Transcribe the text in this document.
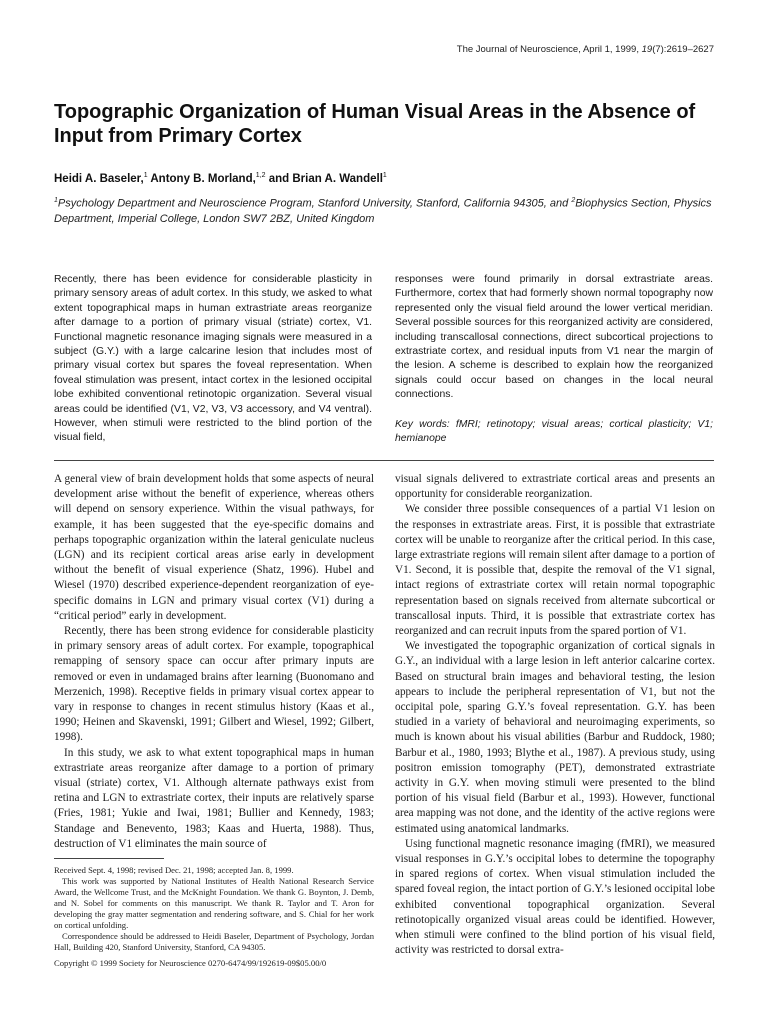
The Journal of Neuroscience, April 1, 1999, 19(7):2619–2627
Topographic Organization of Human Visual Areas in the Absence of Input from Primary Cortex
Heidi A. Baseler,$^1$ Antony B. Morland,$^{1,2}$ and Brian A. Wandell$^1$
$^1$Psychology Department and Neuroscience Program, Stanford University, Stanford, California 94305, and $^2$Biophysics Section, Physics Department, Imperial College, London SW7 2BZ, United Kingdom
Recently, there has been evidence for considerable plasticity in primary sensory areas of adult cortex. In this study, we asked to what extent topographical maps in human extrastriate areas reorganize after damage to a portion of primary visual (striate) cortex, V1. Functional magnetic resonance imaging signals were measured in a subject (G.Y.) with a large calcarine lesion that includes most of primary visual cortex but spares the foveal representation. When foveal stimulation was present, intact cortex in the lesioned occipital lobe exhibited conventional retinotopic organization. Several visual areas could be identified (V1, V2, V3, V3 accessory, and V4 ventral). However, when stimuli were restricted to the blind portion of the visual field,
responses were found primarily in dorsal extrastriate areas. Furthermore, cortex that had formerly shown normal topography now represented only the visual field around the lower vertical meridian. Several possible sources for this reorganized activity are considered, including transcallosal connections, direct subcortical projections to extrastriate cortex, and residual inputs from V1 near the margin of the lesion. A scheme is described to explain how the reorganized signals could occur based on changes in the local neural connections.
Key words: fMRI; retinotopy; visual areas; cortical plasticity; V1; hemianope

A general view of brain development holds that some aspects of neural development arise without the benefit of experience, whereas others will depend on sensory experience. Within the visual pathways, for example, it has been suggested that the eye-specific domains and perhaps topographic organization within the lateral geniculate nucleus (LGN) and its recipient cortical areas arise early in development without the benefit of visual experience (Shatz, 1996). Hubel and Wiesel (1970) described experience-dependent reorganization of eye-specific domains in LGN and primary visual cortex (V1) during a “critical period” early in development.

Recently, there has been strong evidence for considerable plasticity in primary sensory areas of adult cortex. For example, topographical remapping of sensory space can occur after primary inputs are removed or even in undamaged brains after learning (Buonomano and Merzenich, 1998). Receptive fields in primary visual cortex appear to vary in response to changes in recent stimulus history (Kaas et al., 1990; Heinen and Skavenski, 1991; Gilbert and Wiesel, 1992; Gilbert, 1998).

In this study, we ask to what extent topographical maps in human extrastriate areas reorganize after damage to a portion of primary visual (striate) cortex, V1. Although alternate pathways exist from retina and LGN to extrastriate cortex, their inputs are relatively sparse (Fries, 1981; Yukie and Iwai, 1981; Bullier and Kennedy, 1983; Standage and Benevento, 1983; Kaas and Huerta, 1988). Thus, destruction of V1 eliminates the main source of

visual signals delivered to extrastriate cortical areas and presents an opportunity for considerable reorganization.

We consider three possible consequences of a partial V1 lesion on the responses in extrastriate areas. First, it is possible that extrastriate cortex will be unable to reorganize after the critical period. In this case, large extrastriate regions will remain silent after damage to a portion of V1. Second, it is possible that, despite the removal of the V1 signal, intact regions of extrastriate cortex will retain normal topographic representation based on signals received from alternate subcortical or transcallosal inputs. Third, it is possible that extrastriate cortex has reorganized and can recruit inputs from the spared portion of V1.

We investigated the topographic organization of cortical signals in G.Y., an individual with a large lesion in left anterior calcarine cortex. Based on structural brain images and behavioral testing, the lesion appears to include the peripheral representation of V1, but not the occipital pole, sparing G.Y.’s foveal representation. G.Y. has been studied in a variety of behavioral and neuroimaging experiments, so much is known about his visual abilities (Barbur and Ruddock, 1980; Barbur et al., 1980, 1993; Blythe et al., 1987). A previous study, using positron emission tomography (PET), demonstrated extrastriate activity in G.Y. when moving stimuli were presented to the blind portion of his visual field (Barbur et al., 1993). However, functional area mapping was not done, and the identity of the active regions were estimated using anatomical landmarks.

Using functional magnetic resonance imaging (fMRI), we measured visual responses in G.Y.’s occipital lobes to determine the topography in spared regions of cortex. When visual stimulation included the spared foveal region, the intact portion of G.Y.’s lesioned occipital lobe exhibited conventional topographical organization. Several retinotopically organized visual areas could be identified. However, when stimuli were confined to the blind portion of his visual field, activity was restricted to dorsal extra-

Received Sept. 4, 1998; revised Dec. 21, 1998; accepted Jan. 8, 1999.

This work was supported by National Institutes of Health National Research Service Award, the Wellcome Trust, and the McKnight Foundation. We thank G. Boynton, J. Demb, and N. Sobel for comments on this manuscript. We thank R. Taylor and T. Aron for developing the gray matter segmentation and rendering software, and S. Chial for her work on cortical unfolding.

Correspondence should be addressed to Heidi Baseler, Department of Psychology, Jordan Hall, Building 420, Stanford University, Stanford, CA 94305.

Copyright © 1999 Society for Neuroscience 0270-6474/99/192619-09$05.00/0
